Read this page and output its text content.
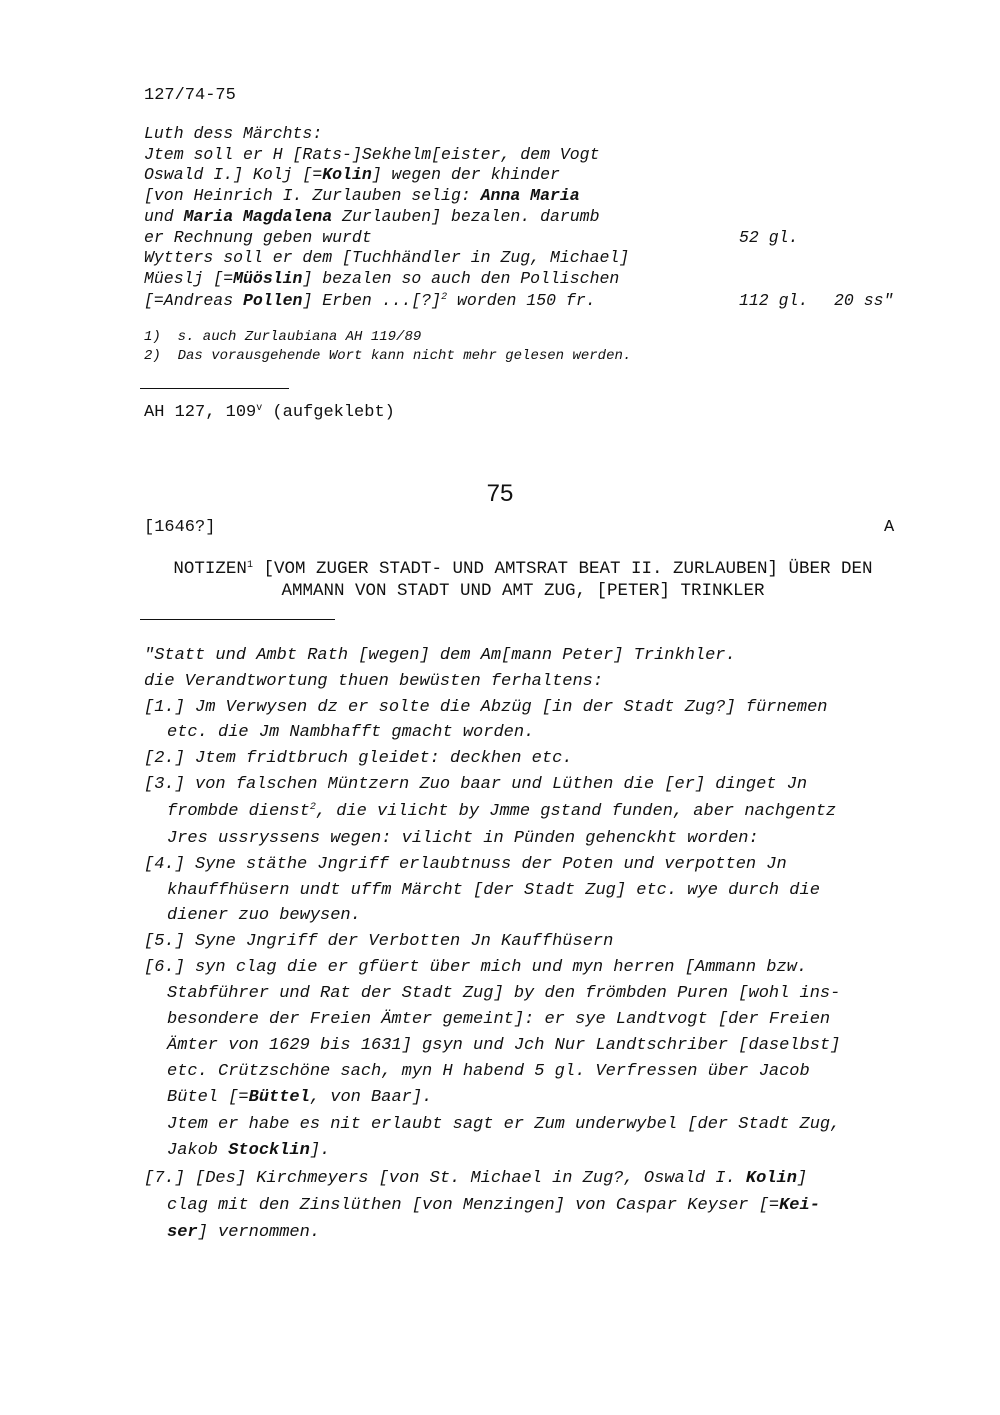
127/74-75
Luth dess Märchts:
Jtem soll er H [Rats-]Sekhelm[eister, dem Vogt
Oswald I.] Kolj [=Kolin] wegen der khinder
[von Heinrich I. Zurlauben selig: Anna Maria
und Maria Magdalena Zurlauben] bezalen. darumb
er Rechnung geben wurdt
Wytters soll er dem [Tuchhändler in Zug, Michael]
Müeslj [=Müöslin] bezalen so auch den Pollischen
[=Andreas Pollen] Erben ...[?]$^2$ worden 150 fr.
52 gl.
112 gl. 20 ss"
1)  s. auch Zurlaubiana AH 119/89
2)  Das vorausgehende Wort kann nicht mehr gelesen werden.
AH 127, 109$^v$ (aufgeklebt)
75
[1646?]	A
NOTIZEN$^1$ [VOM ZUGER STADT- UND AMTSRAT BEAT II. ZURLAUBEN] ÜBER DEN AMMANN VON STADT UND AMT ZUG, [PETER] TRINKLER
"Statt und Ambt Rath [wegen] dem Am[mann Peter] Trinkhler.
die Verandtwortung thuen bewüsten ferhaltens:
[1.] Jm Verwysen dz er solte die Abzüg [in der Stadt Zug?] fürnemen
etc. die Jm Nambhafft gmacht worden.
[2.] Jtem fridtbruch gleidet: deckhen etc.
[3.] von falschen Müntzern Zuo baar und Lüthen die [er] dinget Jn
frombde dienst$^2$, die vilicht by Jmme gstand funden, aber nachgentz
Jres ussryssens wegen: vilicht in Pünden gehenckht worden:
[4.] Syne stäthe Jngriff erlaubtnuss der Poten und verpotten Jn
khauffhüsern undt uffm Märcht [der Stadt Zug] etc. wye durch die
diener zuo bewysen.
[5.] Syne Jngriff der Verbotten Jn Kauffhüsern
[6.] syn clag die er gfüert über mich und myn herren [Ammann bzw.
Stabführer und Rat der Stadt Zug] by den frömbden Puren [wohl ins-
besondere der Freien Ämter gemeint]: er sye Landtvogt [der Freien
Ämter von 1629 bis 1631] gsyn und Jch Nur Landtschriber [daselbst]
etc. Crützschöne sach, myn H habend 5 gl. Verfressen über Jacob
Bütel [=Büttel, von Baar].
Jtem er habe es nit erlaubt sagt er Zum underwybel [der Stadt Zug,
Jakob Stocklin].
[7.] [Des] Kirchmeyers [von St. Michael in Zug?, Oswald I. Kolin]
clag mit den Zinslüthen [von Menzingen] von Caspar Keyser [=Kei-
ser] vernommen.
